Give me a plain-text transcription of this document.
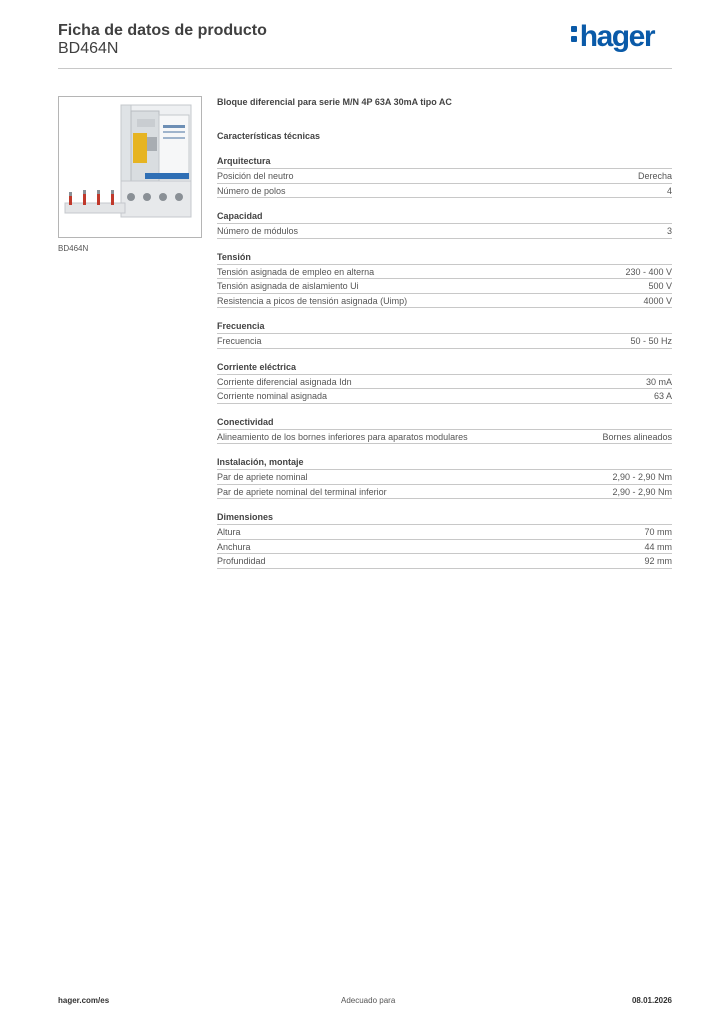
Ficha de datos de producto
BD464N	hager
BD464N

Bloque diferencial para serie M/N 4P 63A 30mA tipo AC

Características técnicas
Arquitectura
Posición del neutro	Derecha
Número de polos	4
Capacidad
Número de módulos	3
Tensión
Tensión asignada de empleo en alterna	230 - 400 V
Tensión asignada de aislamiento Ui	500 V
Resistencia a picos de tensión asignada (Uimp)	4000 V
Frecuencia
Frecuencia	50 - 50 Hz
Corriente eléctrica
Corriente diferencial asignada Idn	30 mA
Corriente nominal asignada	63 A
Conectividad
Alineamiento de los bornes inferiores para aparatos modulares	Bornes alineados
Instalación, montaje
Par de apriete nominal	2,90 - 2,90 Nm
Par de apriete nominal del terminal inferior	2,90 - 2,90 Nm
Dimensiones
Altura	70 mm
Anchura	44 mm
Profundidad	92 mm
hager.com/es	Adecuado para	08.01.2026
